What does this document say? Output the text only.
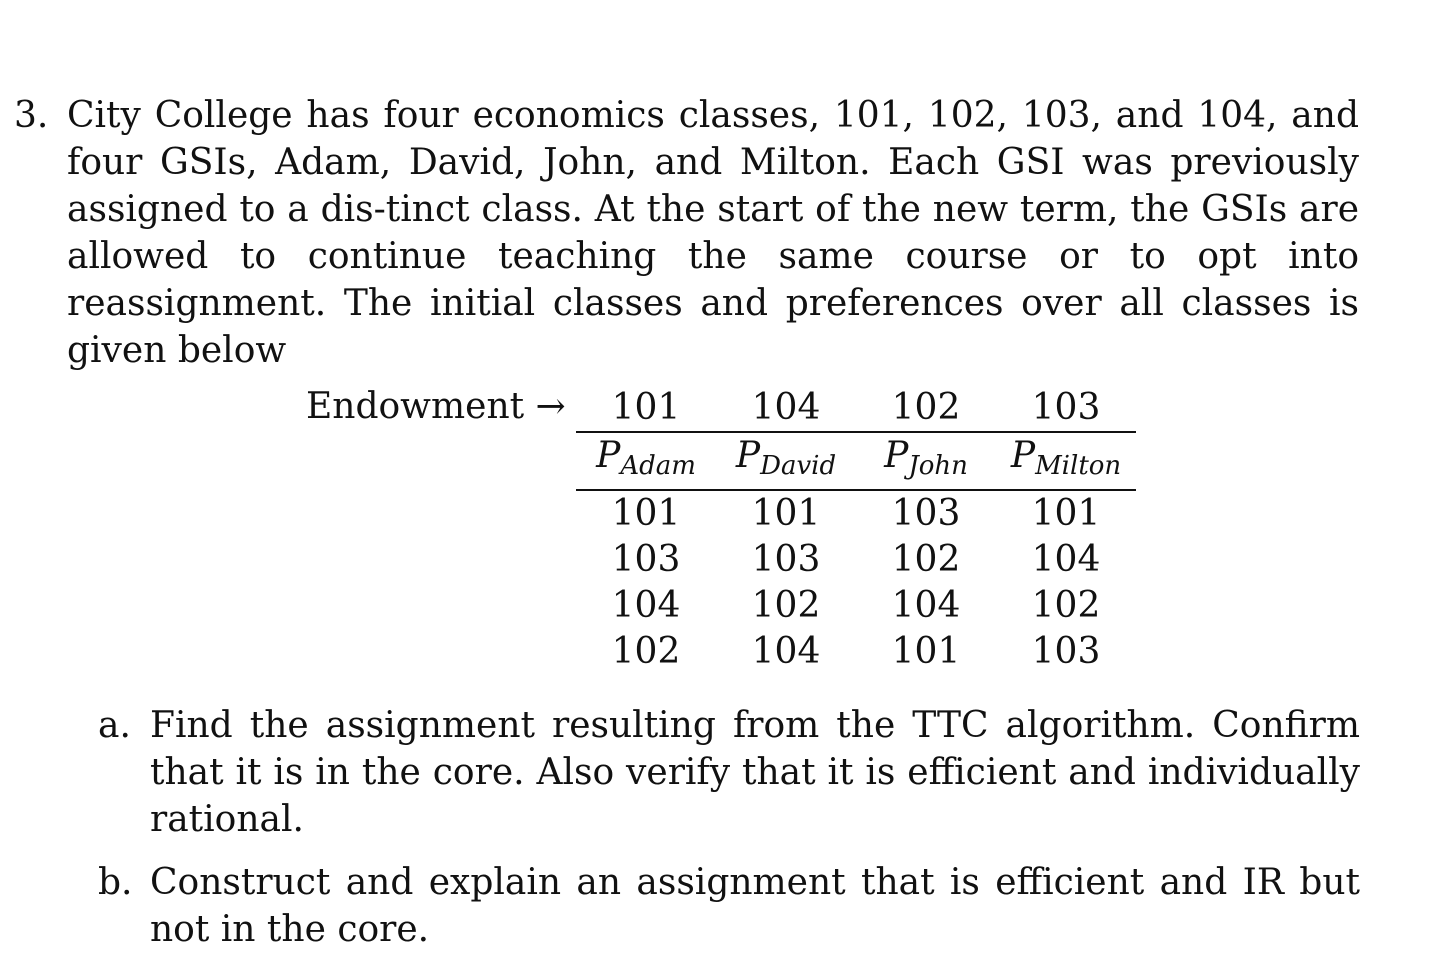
3. City College has four economics classes, 101, 102, 103, and 104, and four GSIs, Adam, David, John, and Milton. Each GSI was previously assigned to a dis-tinct class. At the start of the new term, the GSIs are allowed to continue teaching the same course or to opt into reassignment. The initial classes and preferences over all classes is given below
Endowment → 101	104	102	103
$P_{Adam}$	$P_{David}$	$P_{John}$	$P_{Milton}$
101	101	103	101
103	103	102	104
104	102	104	102
102	104	101	103
a. Find the assignment resulting from the TTC algorithm. Confirm that it is in the core. Also verify that it is efficient and individually rational.
b. Construct and explain an assignment that is efficient and IR but not in the core.
